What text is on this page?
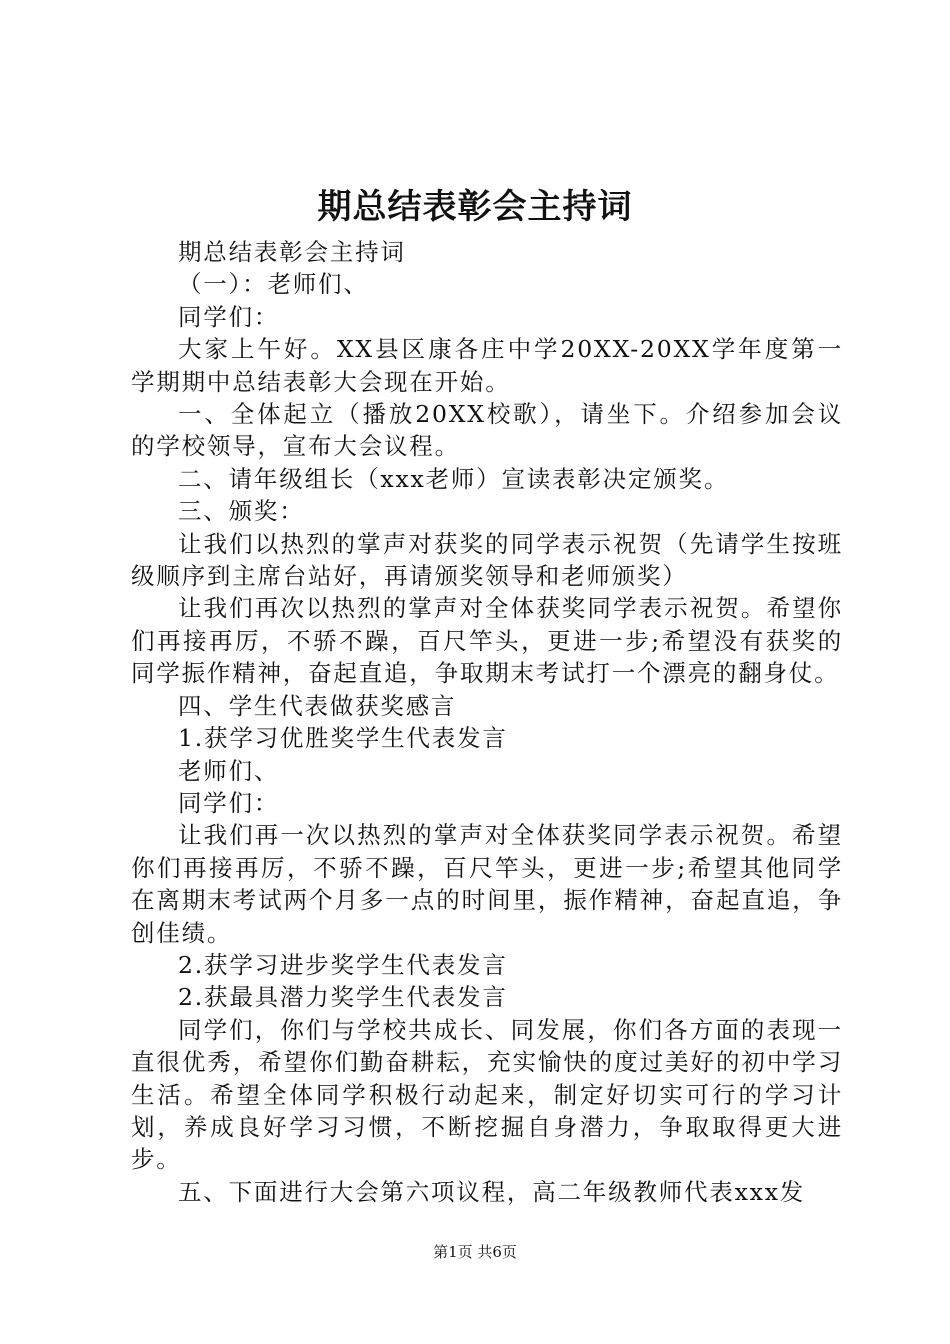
期总结表彰会主持词

期总结表彰会主持词

（一）：老师们、

同学们：

大家上午好。XX县区康各庄中学20XX-20XX学年度第一学期期中总结表彰大会现在开始。

一、全体起立（播放20XX校歌），请坐下。介绍参加会议的学校领导，宣布大会议程。

二、请年级组长（xxx老师）宣读表彰决定颁奖。

三、颁奖：

让我们以热烈的掌声对获奖的同学表示祝贺（先请学生按班级顺序到主席台站好，再请颁奖领导和老师颁奖）

让我们再次以热烈的掌声对全体获奖同学表示祝贺。希望你们再接再厉，不骄不躁，百尺竿头，更进一步;希望没有获奖的同学振作精神，奋起直追，争取期末考试打一个漂亮的翻身仗。

四、学生代表做获奖感言

1.获学习优胜奖学生代表发言

老师们、

同学们：

让我们再一次以热烈的掌声对全体获奖同学表示祝贺。希望你们再接再厉，不骄不躁，百尺竿头，更进一步;希望其他同学在离期末考试两个月多一点的时间里，振作精神，奋起直追，争创佳绩。

2.获学习进步奖学生代表发言

2.获最具潜力奖学生代表发言

同学们，你们与学校共成长、同发展，你们各方面的表现一直很优秀，希望你们勤奋耕耘，充实愉快的度过美好的初中学习生活。希望全体同学积极行动起来，制定好切实可行的学习计划，养成良好学习习惯，不断挖掘自身潜力，争取取得更大进步。

五、下面进行大会第六项议程，高二年级教师代表xxx发

第1页 共6页
